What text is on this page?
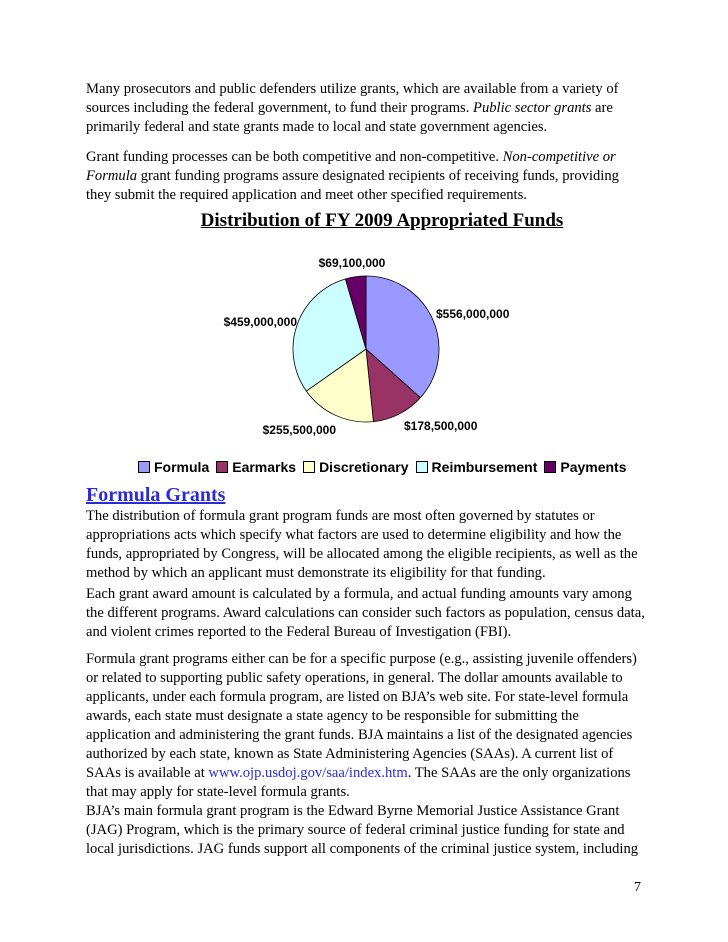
Many prosecutors and public defenders utilize grants, which are available from a variety of sources including the federal government, to fund their programs. Public sector grants are primarily federal and state grants made to local and state government agencies.

Grant funding processes can be both competitive and non-competitive. Non-competitive or Formula grant funding programs assure designated recipients of receiving funds, providing they submit the required application and meet other specified requirements.

Distribution of FY 2009 Appropriated Funds
$556,000,000
$178,500,000
$255,500,000
$459,000,000
$69,100,000
Formula Earmarks Discretionary Reimbursement Payments
Formula Grants

The distribution of formula grant program funds are most often governed by statutes or appropriations acts which specify what factors are used to determine eligibility and how the funds, appropriated by Congress, will be allocated among the eligible recipients, as well as the method by which an applicant must demonstrate its eligibility for that funding.

Each grant award amount is calculated by a formula, and actual funding amounts vary among the different programs. Award calculations can consider such factors as population, census data, and violent crimes reported to the Federal Bureau of Investigation (FBI).

Formula grant programs either can be for a specific purpose (e.g., assisting juvenile offenders) or related to supporting public safety operations, in general. The dollar amounts available to applicants, under each formula program, are listed on BJA’s web site. For state-level formula awards, each state must designate a state agency to be responsible for submitting the application and administering the grant funds. BJA maintains a list of the designated agencies authorized by each state, known as State Administering Agencies (SAAs). A current list of SAAs is available at www.ojp.usdoj.gov/saa/index.htm. The SAAs are the only organizations that may apply for state-level formula grants.

BJA’s main formula grant program is the Edward Byrne Memorial Justice Assistance Grant (JAG) Program, which is the primary source of federal criminal justice funding for state and local jurisdictions. JAG funds support all components of the criminal justice system, including

7
